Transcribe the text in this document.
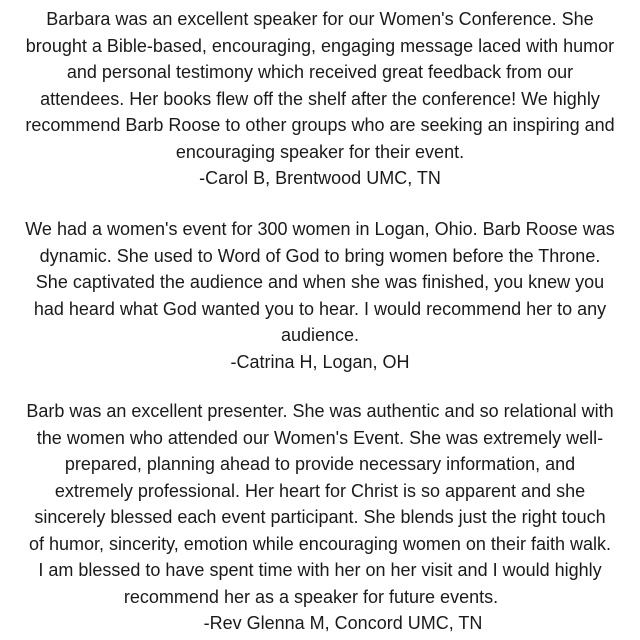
Barbara was an excellent speaker for our Women's Conference. She
brought a Bible-based, encouraging, engaging message laced with humor
and personal testimony which received great feedback from our
attendees. Her books flew off the shelf after the conference! We highly
recommend Barb Roose to other groups who are seeking an inspiring and
encouraging speaker for their event.
-Carol B, Brentwood UMC, TN
We had a women's event for 300 women in Logan, Ohio. Barb Roose was
dynamic. She used to Word of God to bring women before the Throne.
She captivated the audience and when she was finished, you knew you
had heard what God wanted you to hear. I would recommend her to any
audience.
-Catrina H, Logan, OH
Barb was an excellent presenter. She was authentic and so relational with
the women who attended our Women's Event. She was extremely well-
prepared, planning ahead to provide necessary information, and
extremely professional. Her heart for Christ is so apparent and she
sincerely blessed each event participant. She blends just the right touch
of humor, sincerity, emotion while encouraging women on their faith walk.
I am blessed to have spent time with her on her visit and I would highly
recommend her as a speaker for future events.
-Rev Glenna M, Concord UMC, TN
